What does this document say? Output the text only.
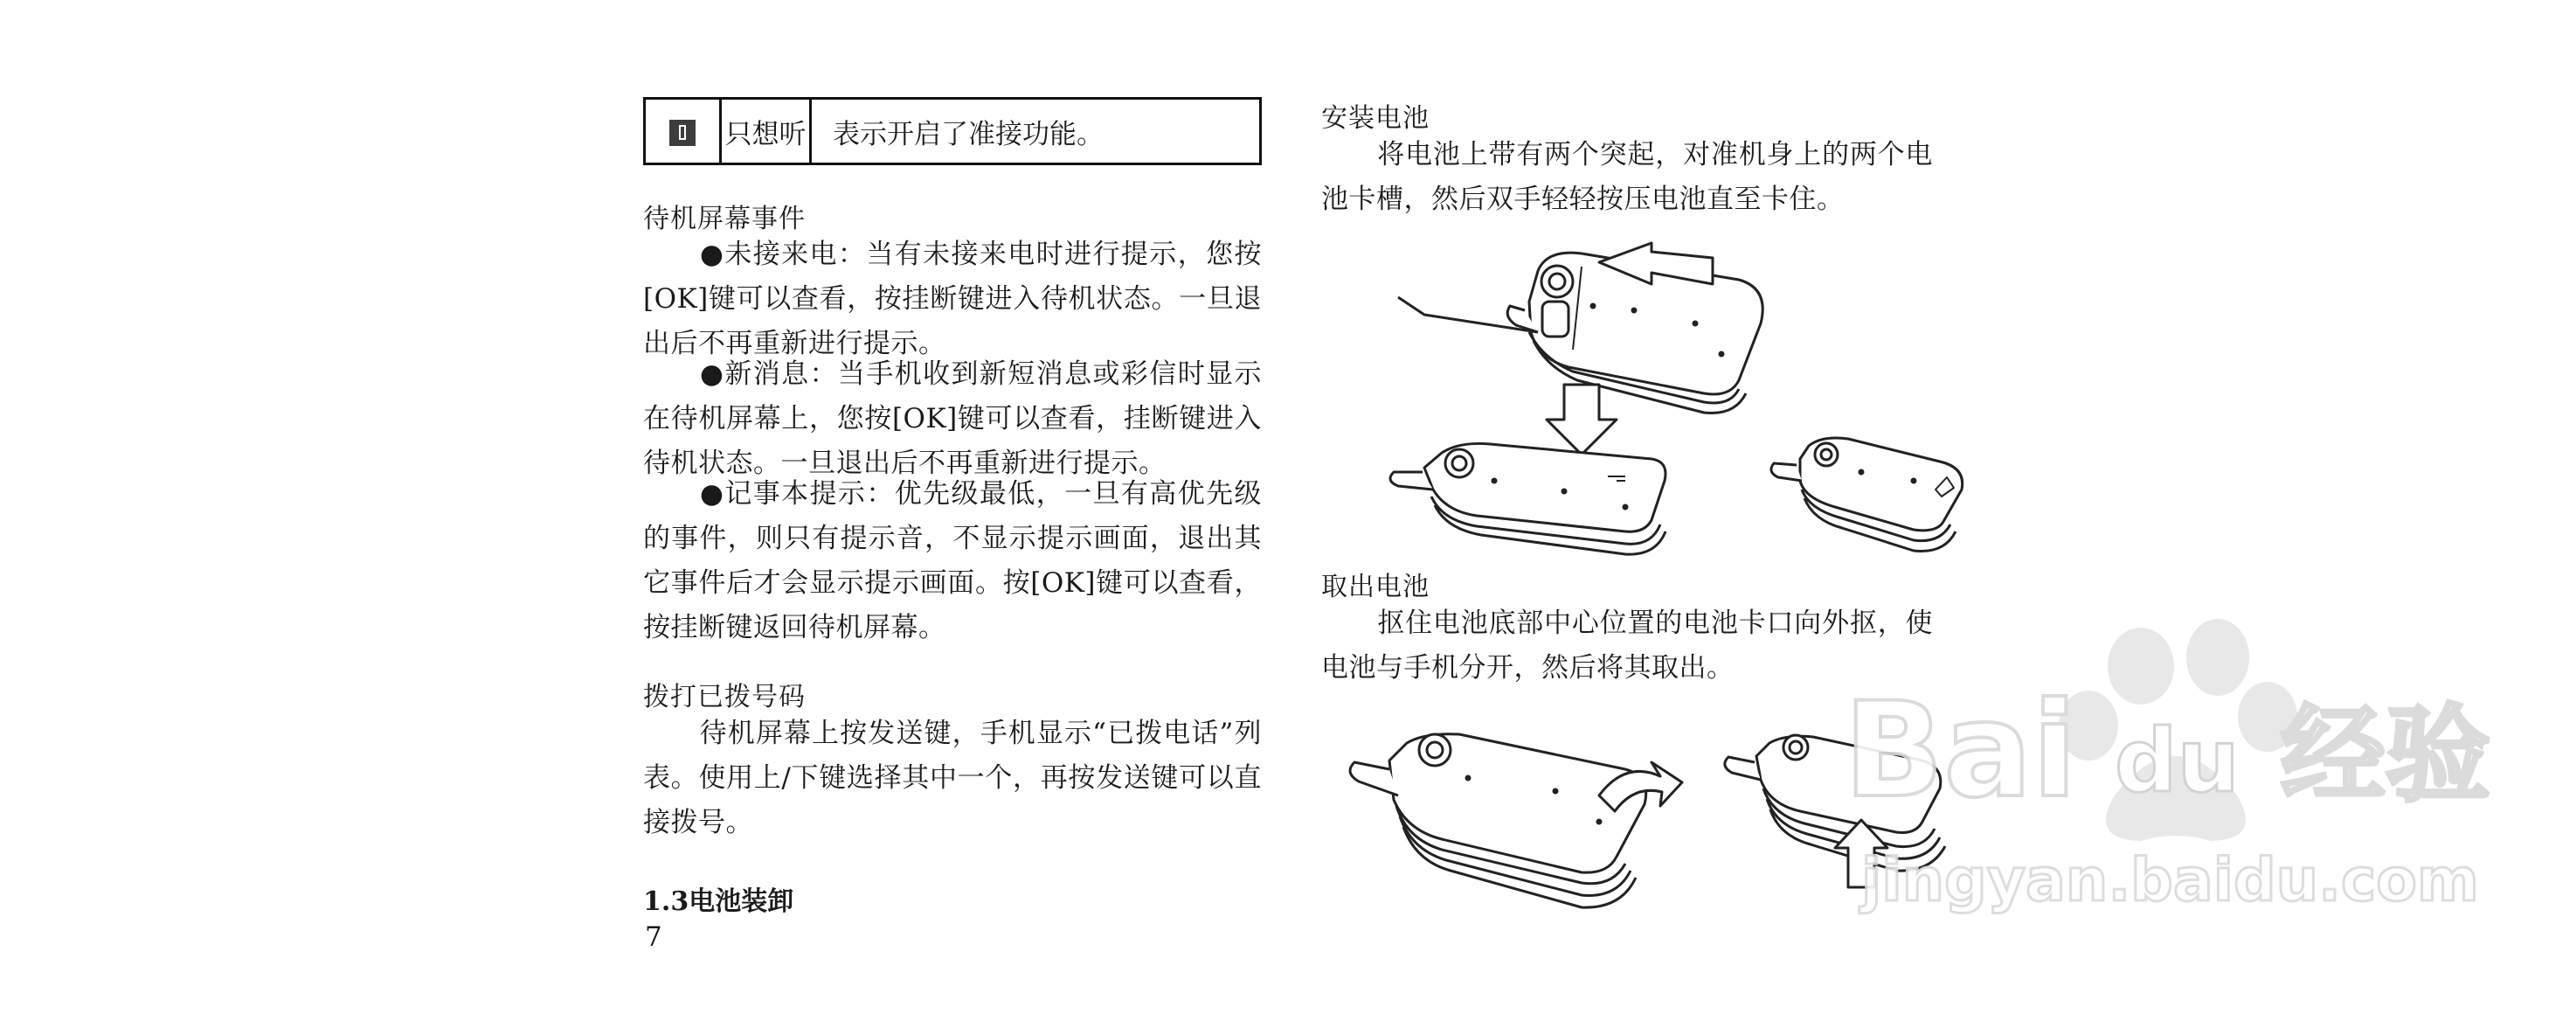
	只想听	表示开启了准接功能。
待机屏幕事件
●未接来电：当有未接来电时进行提示，您按[OK]键可以查看，按挂断键进入待机状态。一旦退出后不再重新进行提示。
●新消息：当手机收到新短消息或彩信时显示在待机屏幕上，您按[OK]键可以查看，挂断键进入待机状态。一旦退出后不再重新进行提示。
●记事本提示：优先级最低，一旦有高优先级的事件，则只有提示音，不显示提示画面，退出其它事件后才会显示提示画面。按[OK]键可以查看，按挂断键返回待机屏幕。
拨打已拨号码
待机屏幕上按发送键，手机显示“已拨电话”列表。使用上/下键选择其中一个，再按发送键可以直接拨号。
1.3电池装卸
7
安装电池
将电池上带有两个突起，对准机身上的两个电池卡槽，然后双手轻轻按压电池直至卡住。
取出电池
抠住电池底部中心位置的电池卡口向外抠，使电池与手机分开，然后将其取出。
Bai du 经验
jingyan.baidu.com
